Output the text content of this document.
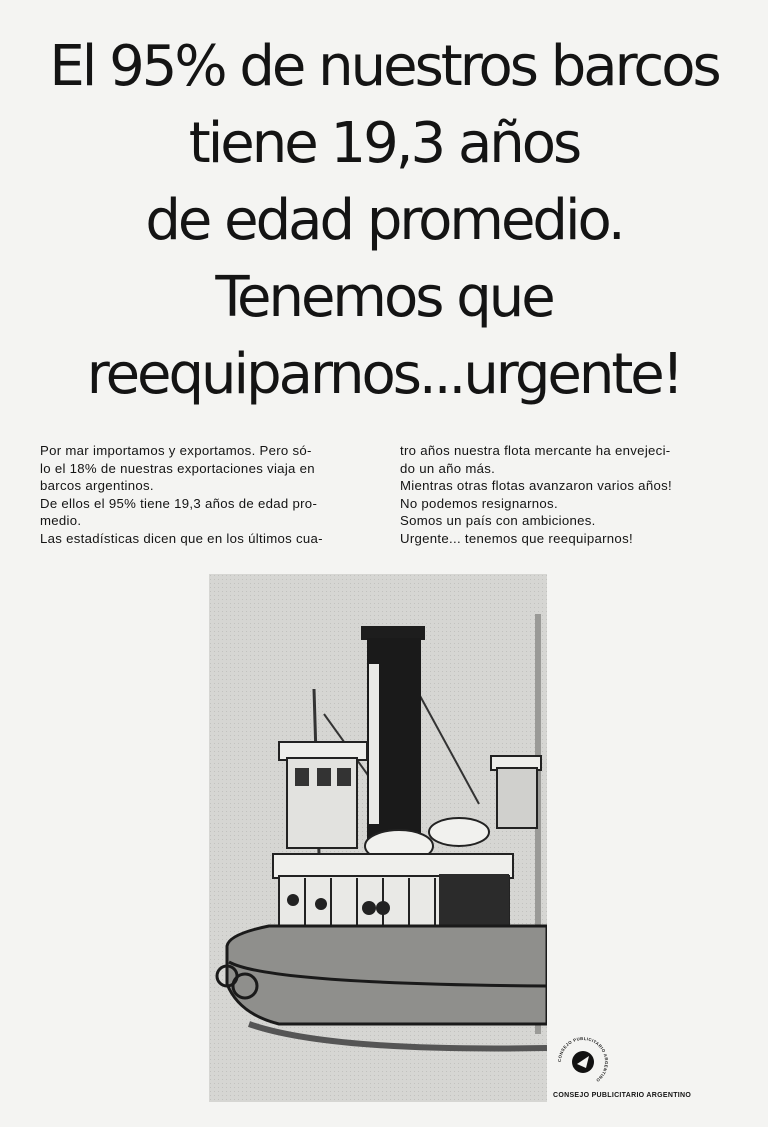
El 95% de nuestros barcos
tiene 19,3 años
de edad promedio.
Tenemos que
reequiparnos...urgente!
Por mar importamos y exportamos. Pero só-
lo el 18% de nuestras exportaciones viaja en
barcos argentinos.
De ellos el 95% tiene 19,3 años de edad pro-
medio.
Las estadísticas dicen que en los últimos cua-
tro años nuestra flota mercante ha envejeci-
do un año más.
Mientras otras flotas avanzaron varios años!
No podemos resignarnos.
Somos un país con ambiciones.
Urgente... tenemos que reequiparnos!
CONSEJO PUBLICITARIO ARGENTINO
CONSEJO PUBLICITARIO ARGENTINO
